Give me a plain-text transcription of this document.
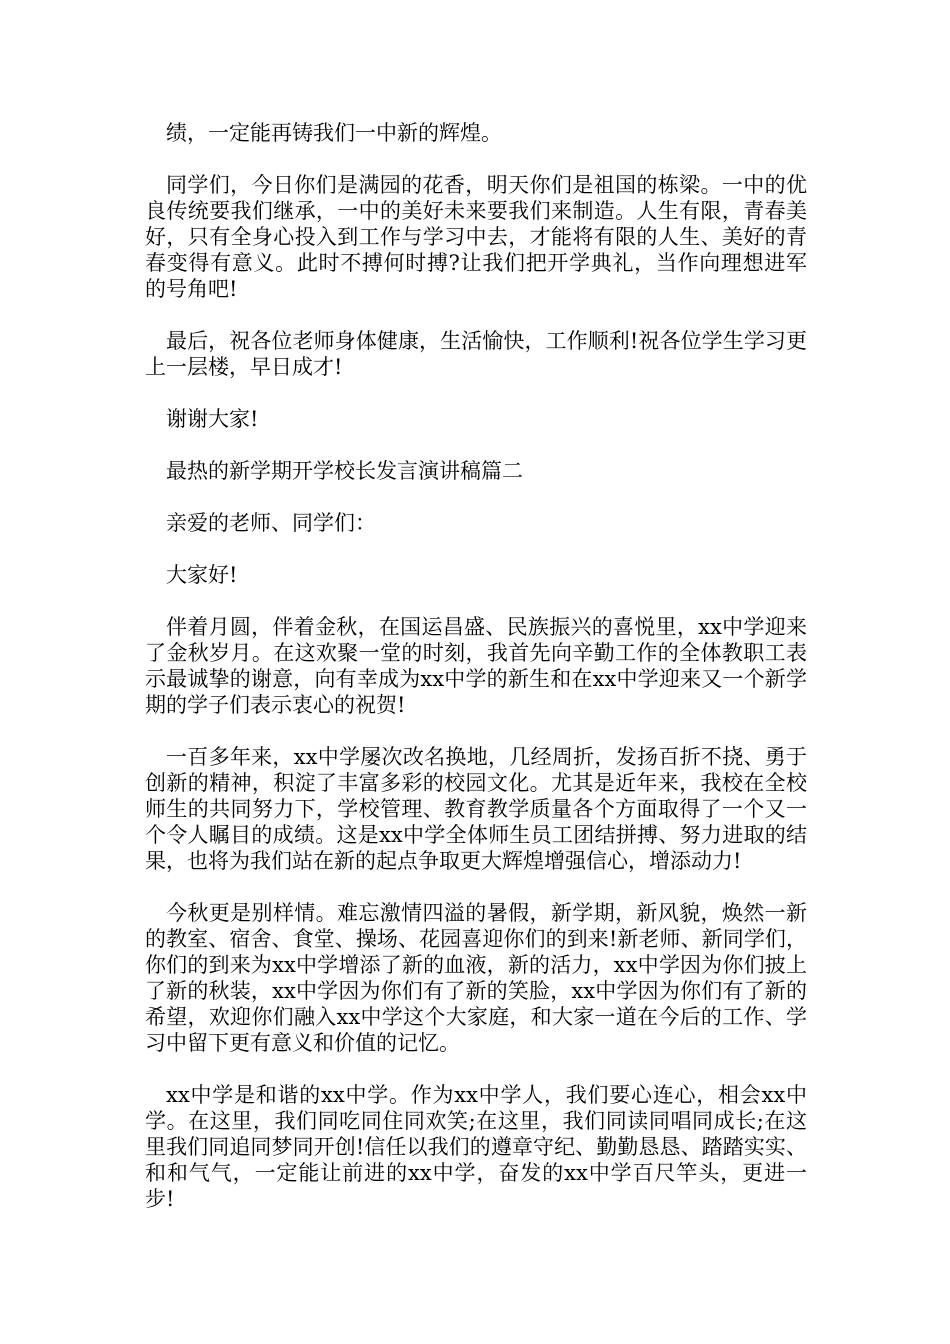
绩，一定能再铸我们一中新的辉煌。

同学们，今日你们是满园的花香，明天你们是祖国的栋梁。一中的优良传统要我们继承，一中的美好未来要我们来制造。人生有限，青春美好，只有全身心投入到工作与学习中去，才能将有限的人生、美好的青春变得有意义。此时不搏何时搏?让我们把开学典礼，当作向理想进军的号角吧!

最后，祝各位老师身体健康，生活愉快，工作顺利!祝各位学生学习更上一层楼，早日成才!

谢谢大家!

最热的新学期开学校长发言演讲稿篇二

亲爱的老师、同学们：

大家好!

伴着月圆，伴着金秋，在国运昌盛、民族振兴的喜悦里，xx中学迎来了金秋岁月。在这欢聚一堂的时刻，我首先向辛勤工作的全体教职工表示最诚挚的谢意，向有幸成为xx中学的新生和在xx中学迎来又一个新学期的学子们表示衷心的祝贺!

一百多年来，xx中学屡次改名换地，几经周折，发扬百折不挠、勇于创新的精神，积淀了丰富多彩的校园文化。尤其是近年来，我校在全校师生的共同努力下，学校管理、教育教学质量各个方面取得了一个又一个令人瞩目的成绩。这是xx中学全体师生员工团结拼搏、努力进取的结果，也将为我们站在新的起点争取更大辉煌增强信心，增添动力!

今秋更是别样情。难忘激情四溢的暑假，新学期，新风貌，焕然一新的教室、宿舍、食堂、操场、花园喜迎你们的到来!新老师、新同学们，你们的到来为xx中学增添了新的血液，新的活力，xx中学因为你们披上了新的秋装，xx中学因为你们有了新的笑脸，xx中学因为你们有了新的希望，欢迎你们融入xx中学这个大家庭，和大家一道在今后的工作、学习中留下更有意义和价值的记忆。

xx中学是和谐的xx中学。作为xx中学人，我们要心连心，相会xx中学。在这里，我们同吃同住同欢笑;在这里，我们同读同唱同成长;在这里我们同追同梦同开创!信任以我们的遵章守纪、勤勤恳恳、踏踏实实、和和气气，一定能让前进的xx中学，奋发的xx中学百尺竿头，更进一步!
